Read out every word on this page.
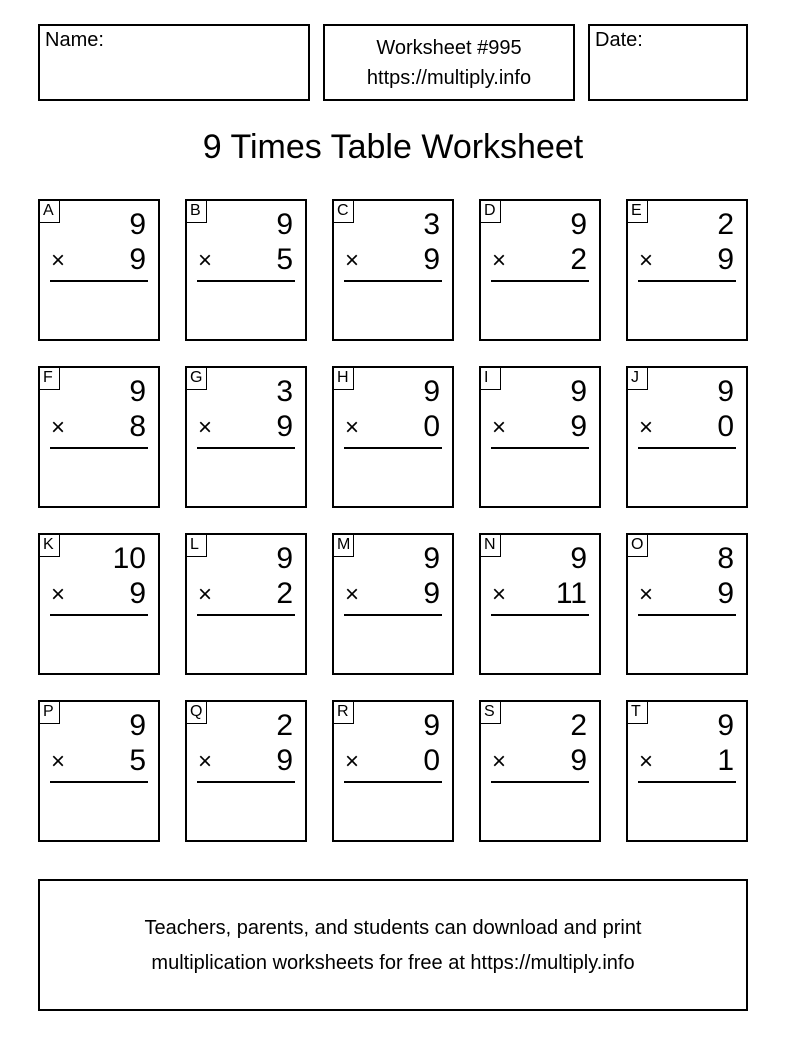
Name:	Worksheet #995
https://multiply.info
Date:
9 Times Table Worksheet
A	9
× 9
B	9
× 5
C 3
× 9
D 9
× 2
E	2
× 9
F	9
× 8
G 3
× 9
H 9
× 0
I	9
× 9
J	9
× 0
K 10
× 9
L	9
× 2
M 9
× 9
N 9
× 11
O 8
× 9
P	9
× 5
Q 2
× 9
R 9
× 0
S	2
× 9
T	9
× 1
Teachers, parents, and students can download and print
multiplication worksheets for free at https://multiply.info
